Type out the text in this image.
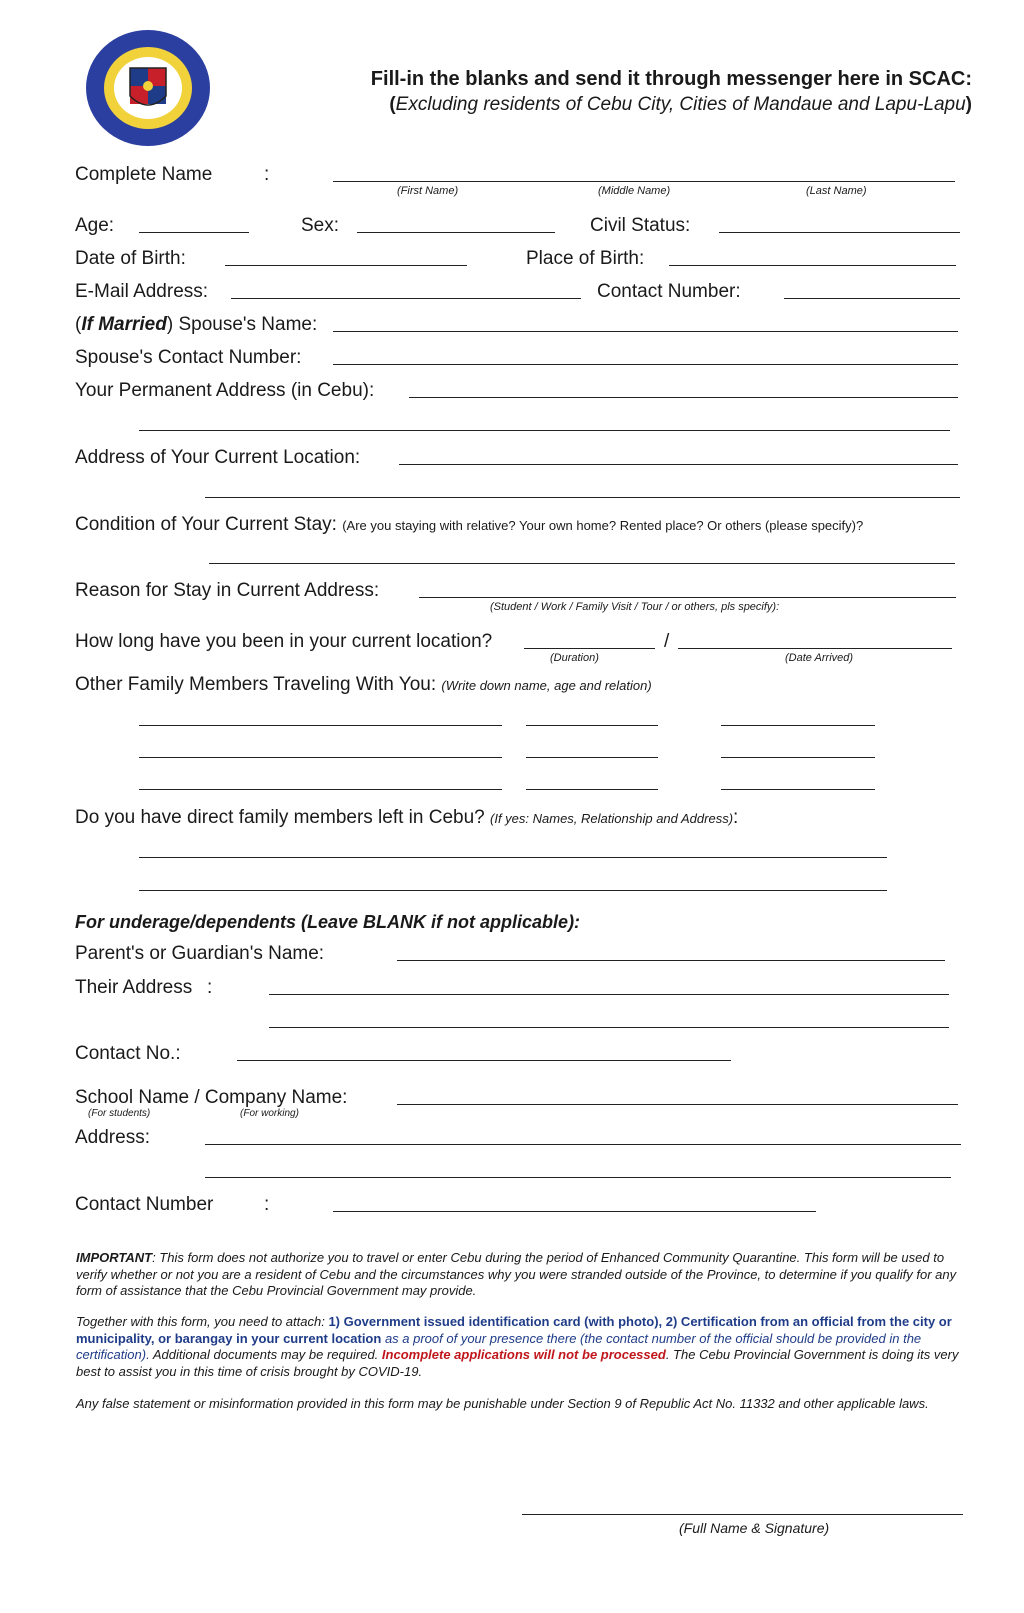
Fill-in the blanks and send it through messenger here in SCAC:
(Excluding residents of Cebu City, Cities of Mandaue and Lapu-Lapu)
Complete Name	:
(First Name)	(Middle Name)	(Last Name)
Age:	Sex:	Civil Status:
Date of Birth:	Place of Birth:
E-Mail Address:	Contact Number:
(If Married) Spouse's Name:
Spouse's Contact Number:
Your Permanent Address (in Cebu):
Address of Your Current Location:
Condition of Your Current Stay: (Are you staying with relative? Your own home? Rented place? Or others (please specify)?
Reason for Stay in Current Address:
(Student / Work / Family Visit / Tour / or others, pls specify):
How long have you been in your current location?	/
(Duration)	(Date Arrived)
Other Family Members Traveling With You: (Write down name, age and relation)
Do you have direct family members left in Cebu? (If yes: Names, Relationship and Address):
For underage/dependents (Leave BLANK if not applicable):
Parent's or Guardian's Name:
Their Address :
Contact No.:
School Name / Company Name:
(For students)	(For working)
Address:
Contact Number	:
IMPORTANT: This form does not authorize you to travel or enter Cebu during the period of Enhanced Community Quarantine. This form will be used to verify whether or not you are a resident of Cebu and the circumstances why you were stranded outside of the Province, to determine if you qualify for any form of assistance that the Cebu Provincial Government may provide.
Together with this form, you need to attach: 1) Government issued identification card (with photo), 2) Certification from an official from the city or municipality, or barangay in your current location as a proof of your presence there (the contact number of the official should be provided in the certification). Additional documents may be required. Incomplete applications will not be processed. The Cebu Provincial Government is doing its very best to assist you in this time of crisis brought by COVID-19.
Any false statement or misinformation provided in this form may be punishable under Section 9 of Republic Act No. 11332 and other applicable laws.
(Full Name & Signature)
